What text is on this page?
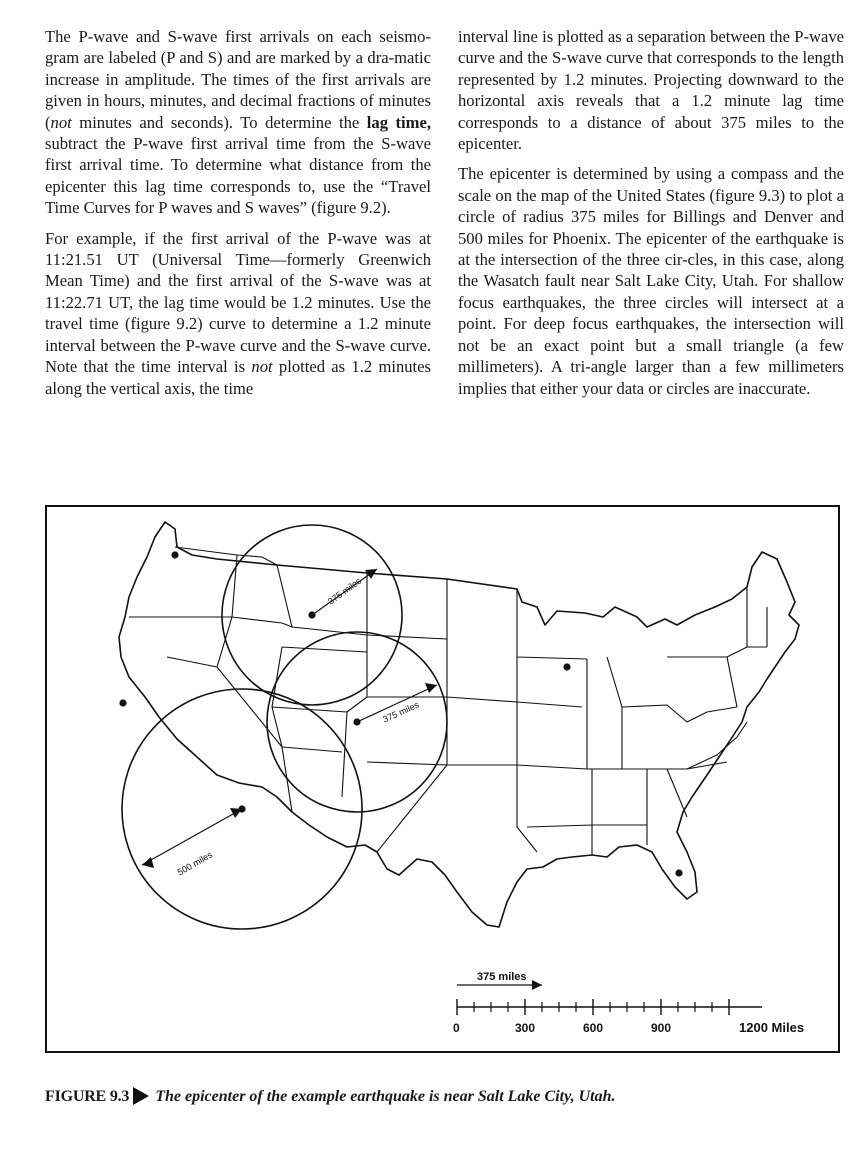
The P-wave and S-wave first arrivals on each seismo-gram are labeled (P and S) and are marked by a dra-matic increase in amplitude. The times of the first arrivals are given in hours, minutes, and decimal fractions of minutes (not minutes and seconds). To determine the lag time, subtract the P-wave first arrival time from the S-wave first arrival time. To determine what distance from the epicenter this lag time corresponds to, use the “Travel Time Curves for P waves and S waves” (figure 9.2).

For example, if the first arrival of the P-wave was at 11:21.51 UT (Universal Time—formerly Greenwich Mean Time) and the first arrival of the S-wave was at 11:22.71 UT, the lag time would be 1.2 minutes. Use the travel time (figure 9.2) curve to determine a 1.2 minute interval between the P-wave curve and the S-wave curve. Note that the time interval is not plotted as 1.2 minutes along the vertical axis, the time

interval line is plotted as a separation between the P-wave curve and the S-wave curve that corresponds to the length represented by 1.2 minutes. Projecting downward to the horizontal axis reveals that a 1.2 minute lag time corresponds to a distance of about 375 miles to the epicenter.

The epicenter is determined by using a compass and the scale on the map of the United States (figure 9.3) to plot a circle of radius 375 miles for Billings and Denver and 500 miles for Phoenix. The epicenter of the earthquake is at the intersection of the three cir-cles, in this case, along the Wasatch fault near Salt Lake City, Utah. For shallow focus earthquakes, the three circles will intersect at a point. For deep focus earthquakes, the intersection will not be an exact point but a small triangle (a few millimeters). A tri-angle larger than a few millimeters implies that either your data or circles are inaccurate.

375 miles
375 miles
500 miles
375 miles
0	300	600	900	1200 Miles
FIGURE 9.3 The epicenter of the example earthquake is near Salt Lake City, Utah.
